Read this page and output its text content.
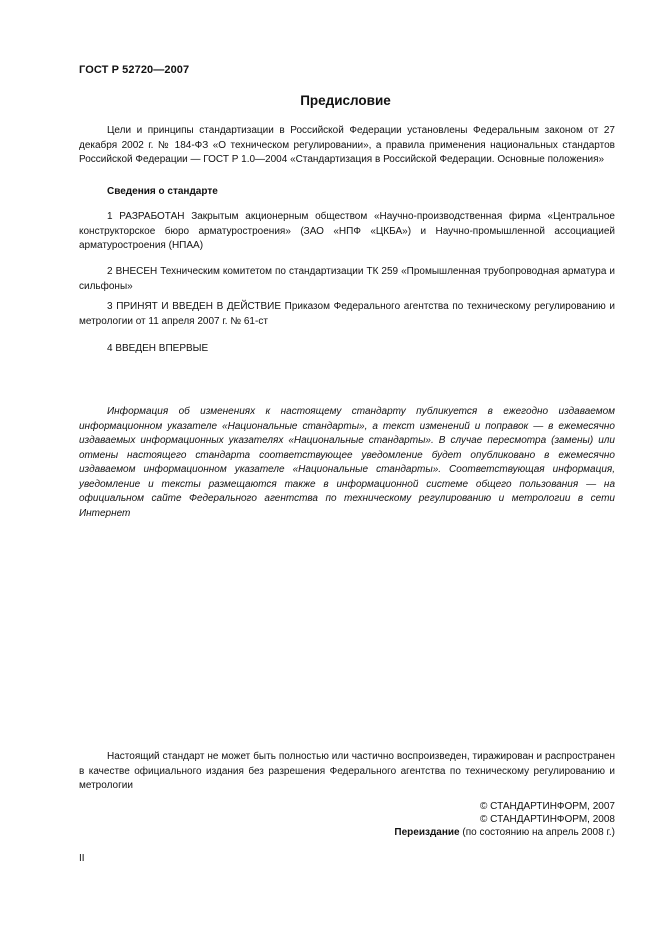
ГОСТ Р 52720—2007
Предисловие

Цели и принципы стандартизации в Российской Федерации установлены Федеральным законом от 27 декабря 2002 г. № 184-ФЗ «О техническом регулировании», а правила применения национальных стандартов Российской Федерации — ГОСТ Р 1.0—2004 «Стандартизация в Российской Федерации. Основные положения»

Сведения о стандарте

1 РАЗРАБОТАН Закрытым акционерным обществом «Научно-производственная фирма «Центральное конструкторское бюро арматуростроения» (ЗАО «НПФ «ЦКБА») и Научно-промышленной ассоциацией арматуростроения (НПАА)

2 ВНЕСЕН Техническим комитетом по стандартизации ТК 259 «Промышленная трубопроводная арматура и сильфоны»

3 ПРИНЯТ И ВВЕДЕН В ДЕЙСТВИЕ Приказом Федерального агентства по техническому регулированию и метрологии от 11 апреля 2007 г. № 61-ст

4 ВВЕДЕН ВПЕРВЫЕ

Информация об изменениях к настоящему стандарту публикуется в ежегодно издаваемом информационном указателе «Национальные стандарты», а текст изменений и поправок — в ежемесячно издаваемых информационных указателях «Национальные стандарты». В случае пересмотра (замены) или отмены настоящего стандарта соответствующее уведомление будет опубликовано в ежемесячно издаваемом информационном указателе «Национальные стандарты». Соответствующая информация, уведомление и тексты размещаются также в информационной системе общего пользования — на официальном сайте Федерального агентства по техническому регулированию и метрологии в сети Интернет

Настоящий стандарт не может быть полностью или частично воспроизведен, тиражирован и распространен в качестве официального издания без разрешения Федерального агентства по техническому регулированию и метрологии

© СТАНДАРТИНФОРМ, 2007
© СТАНДАРТИНФОРМ, 2008
Переиздание (по состоянию на апрель 2008 г.)
II
